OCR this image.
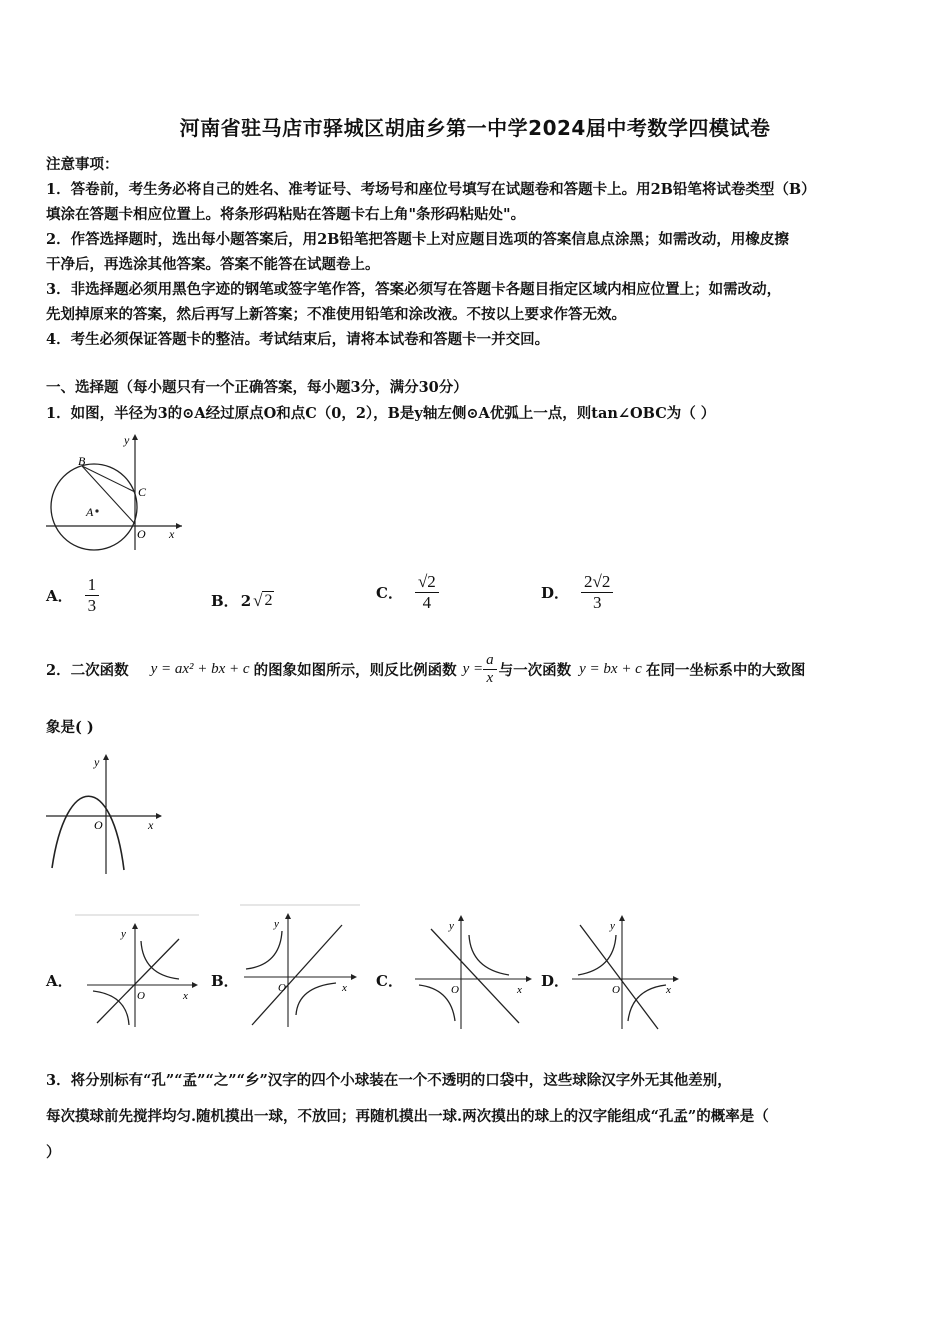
河南省驻马店市驿城区胡庙乡第一中学2024届中考数学四模试卷
注意事项：
1．答卷前，考生务必将自己的姓名、准考证号、考场号和座位号填写在试题卷和答题卡上。用2B铅笔将试卷类型（B）
填涂在答题卡相应位置上。将条形码粘贴在答题卡右上角"条形码粘贴处"。
2．作答选择题时，选出每小题答案后，用2B铅笔把答题卡上对应题目选项的答案信息点涂黑；如需改动，用橡皮擦
干净后，再选涂其他答案。答案不能答在试题卷上。
3．非选择题必须用黑色字迹的钢笔或签字笔作答，答案必须写在答题卡各题目指定区域内相应位置上；如需改动，
先划掉原来的答案，然后再写上新答案；不准使用铅笔和涂改液。不按以上要求作答无效。
4．考生必须保证答题卡的整洁。考试结束后，请将本试卷和答题卡一并交回。
一、选择题（每小题只有一个正确答案，每小题3分，满分30分）
1．如图，半径为3的⊙A经过原点O和点C（0，2），B是y轴左侧⊙A优弧上一点，则tan∠OBC为（ ）
y
x
B
C
A
O
A． $\frac{1}{3}$	B． 2 √ 2	C． $\frac{√2}{4}$	D． $\frac{2√2}{3}$
2．二次函数 y = ax² + bx + c 的图象如图所示，则反比例函数 $y = \frac{a}{x}$ 与一次函数 y = bx + c 在同一坐标系中的大致图
象是( )
y
x
O
A．
y
x
O
B．
y
x
O	C．
y
x
O	D．
y
x
O
3．将分别标有“孔”“孟”“之”“乡”汉字的四个小球装在一个不透明的口袋中，这些球除汉字外无其他差别，
每次摸球前先搅拌均匀.随机摸出一球，不放回；再随机摸出一球.两次摸出的球上的汉字能组成“孔孟”的概率是（
）
